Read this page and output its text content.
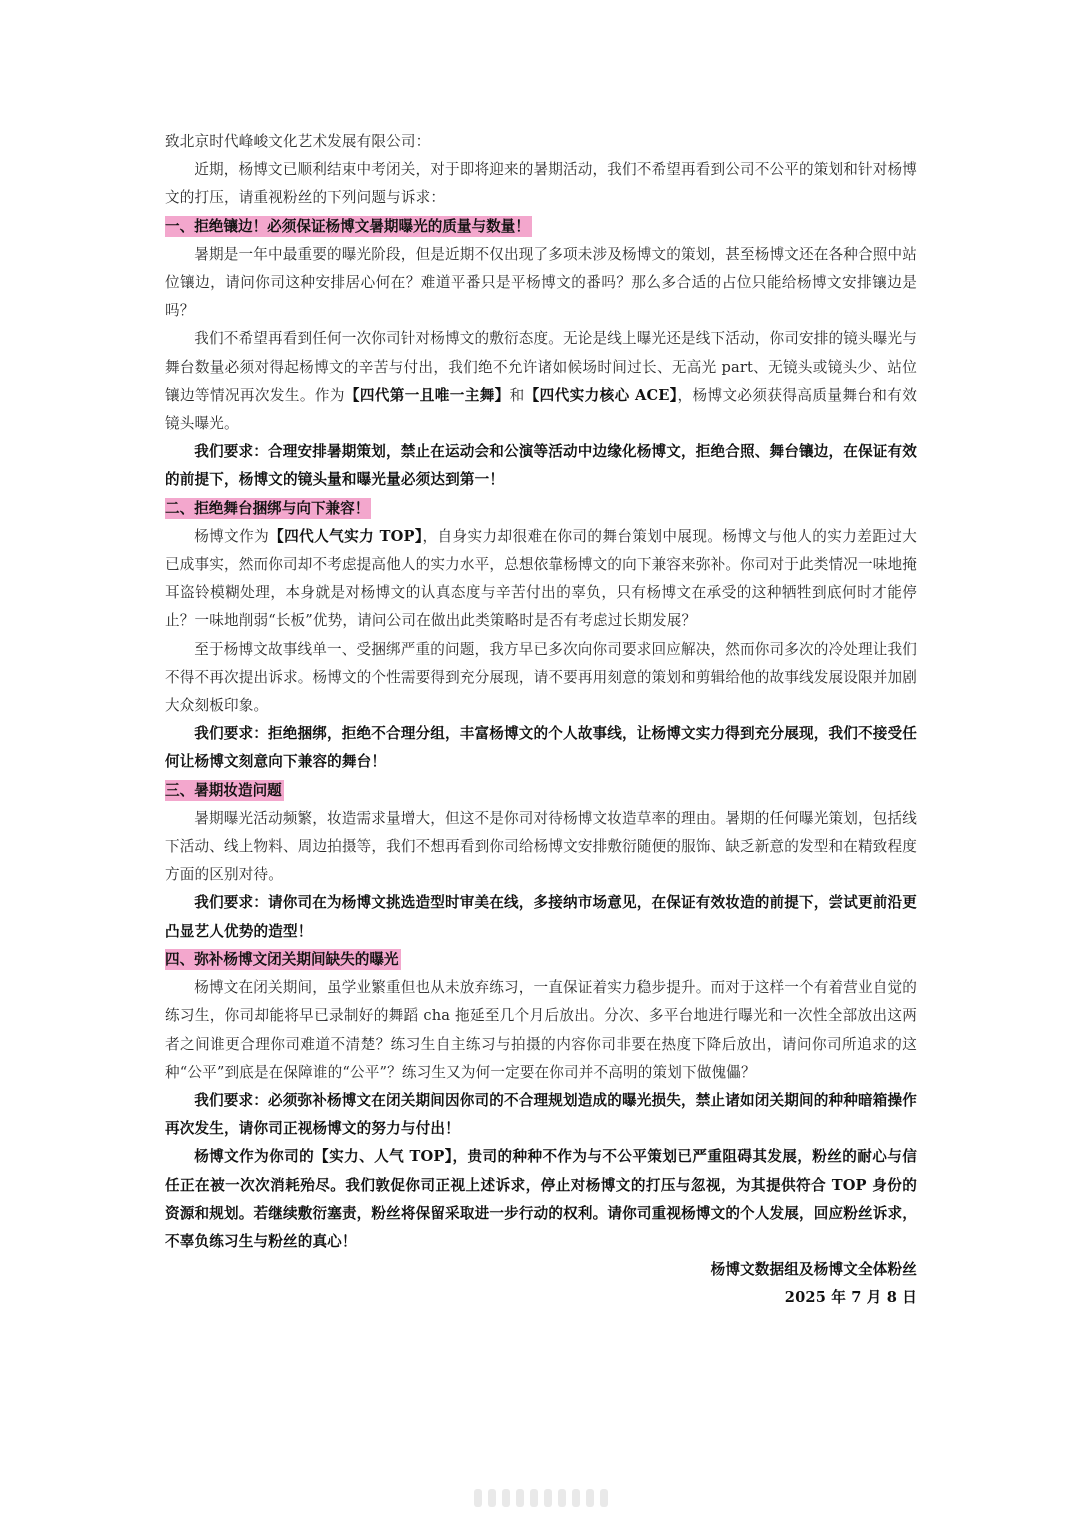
致北京时代峰峻文化艺术发展有限公司：

近期，杨博文已顺利结束中考闭关，对于即将迎来的暑期活动，我们不希望再看到公司不公平的策划和针对杨博文的打压，请重视粉丝的下列问题与诉求：

一、拒绝镶边！必须保证杨博文暑期曝光的质量与数量！

暑期是一年中最重要的曝光阶段，但是近期不仅出现了多项未涉及杨博文的策划，甚至杨博文还在各种合照中站位镶边，请问你司这种安排居心何在？难道平番只是平杨博文的番吗？那么多合适的占位只能给杨博文安排镶边是吗？

我们不希望再看到任何一次你司针对杨博文的敷衍态度。无论是线上曝光还是线下活动，你司安排的镜头曝光与舞台数量必须对得起杨博文的辛苦与付出，我们绝不允许诸如候场时间过长、无高光 part、无镜头或镜头少、站位镶边等情况再次发生。作为【四代第一且唯一主舞】和【四代实力核心 ACE】，杨博文必须获得高质量舞台和有效镜头曝光。

我们要求：合理安排暑期策划，禁止在运动会和公演等活动中边缘化杨博文，拒绝合照、舞台镶边，在保证有效的前提下，杨博文的镜头量和曝光量必须达到第一！

二、拒绝舞台捆绑与向下兼容！

杨博文作为【四代人气实力 TOP】，自身实力却很难在你司的舞台策划中展现。杨博文与他人的实力差距过大已成事实，然而你司却不考虑提高他人的实力水平，总想依靠杨博文的向下兼容来弥补。你司对于此类情况一味地掩耳盗铃模糊处理，本身就是对杨博文的认真态度与辛苦付出的辜负，只有杨博文在承受的这种牺牲到底何时才能停止？一味地削弱“长板”优势，请问公司在做出此类策略时是否有考虑过长期发展？

至于杨博文故事线单一、受捆绑严重的问题，我方早已多次向你司要求回应解决，然而你司多次的冷处理让我们不得不再次提出诉求。杨博文的个性需要得到充分展现，请不要再用刻意的策划和剪辑给他的故事线发展设限并加剧大众刻板印象。

我们要求：拒绝捆绑，拒绝不合理分组，丰富杨博文的个人故事线，让杨博文实力得到充分展现，我们不接受任何让杨博文刻意向下兼容的舞台！

三、暑期妆造问题

暑期曝光活动频繁，妆造需求量增大，但这不是你司对待杨博文妆造草率的理由。暑期的任何曝光策划，包括线下活动、线上物料、周边拍摄等，我们不想再看到你司给杨博文安排敷衍随便的服饰、缺乏新意的发型和在精致程度方面的区别对待。

我们要求：请你司在为杨博文挑选造型时审美在线，多接纳市场意见，在保证有效妆造的前提下，尝试更前沿更凸显艺人优势的造型！

四、弥补杨博文闭关期间缺失的曝光

杨博文在闭关期间，虽学业繁重但也从未放弃练习，一直保证着实力稳步提升。而对于这样一个有着营业自觉的练习生，你司却能将早已录制好的舞蹈 cha 拖延至几个月后放出。分次、多平台地进行曝光和一次性全部放出这两者之间谁更合理你司难道不清楚？练习生自主练习与拍摄的内容你司非要在热度下降后放出，请问你司所追求的这种“公平”到底是在保障谁的“公平”？练习生又为何一定要在你司并不高明的策划下做傀儡？

我们要求：必须弥补杨博文在闭关期间因你司的不合理规划造成的曝光损失，禁止诸如闭关期间的种种暗箱操作再次发生，请你司正视杨博文的努力与付出！

杨博文作为你司的【实力、人气 TOP】，贵司的种种不作为与不公平策划已严重阻碍其发展，粉丝的耐心与信任正在被一次次消耗殆尽。我们敦促你司正视上述诉求，停止对杨博文的打压与忽视，为其提供符合 TOP 身份的资源和规划。若继续敷衍塞责，粉丝将保留采取进一步行动的权利。请你司重视杨博文的个人发展，回应粉丝诉求，不辜负练习生与粉丝的真心！

杨博文数据组及杨博文全体粉丝

2025 年 7 月 8 日
